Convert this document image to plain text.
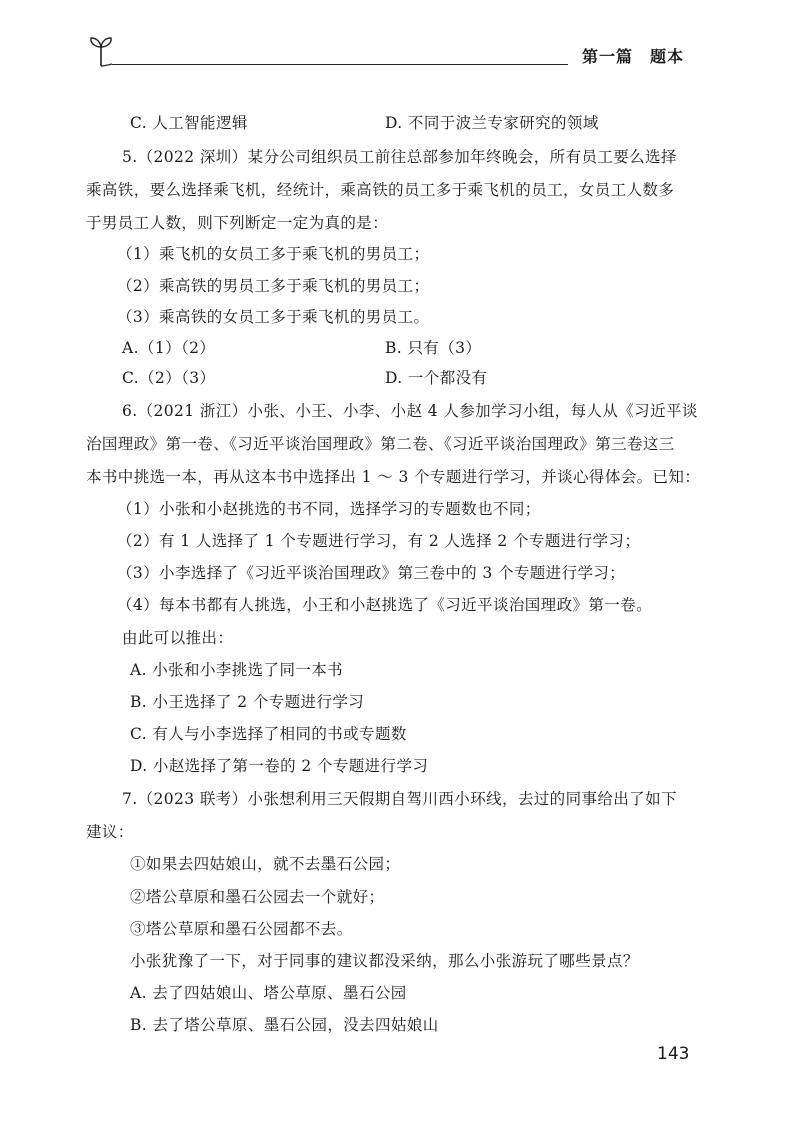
第一篇　题本
C. 人工智能逻辑	D. 不同于波兰专家研究的领域
5.（2022 深圳）某分公司组织员工前往总部参加年终晚会，所有员工要么选择
乘高铁，要么选择乘飞机，经统计，乘高铁的员工多于乘飞机的员工，女员工人数多
于男员工人数，则下列断定一定为真的是：
（1）乘飞机的女员工多于乘飞机的男员工；
（2）乘高铁的男员工多于乘飞机的男员工；
（3）乘高铁的女员工多于乘飞机的男员工。
A.（1）（2）	B. 只有（3）
C.（2）（3）	D. 一个都没有
6.（2021 浙江）小张、小王、小李、小赵 4 人参加学习小组，每人从《习近平谈
治国理政》第一卷、《习近平谈治国理政》第二卷、《习近平谈治国理政》第三卷这三
本书中挑选一本，再从这本书中选择出 1 ～ 3 个专题进行学习，并谈心得体会。已知：
（1）小张和小赵挑选的书不同，选择学习的专题数也不同；
（2）有 1 人选择了 1 个专题进行学习，有 2 人选择 2 个专题进行学习；
（3）小李选择了《习近平谈治国理政》第三卷中的 3 个专题进行学习；
（4）每本书都有人挑选，小王和小赵挑选了《习近平谈治国理政》第一卷。
由此可以推出：
A. 小张和小李挑选了同一本书
B. 小王选择了 2 个专题进行学习
C. 有人与小李选择了相同的书或专题数
D. 小赵选择了第一卷的 2 个专题进行学习
7.（2023 联考）小张想利用三天假期自驾川西小环线，去过的同事给出了如下
建议：
①如果去四姑娘山，就不去墨石公园；
②塔公草原和墨石公园去一个就好；
③塔公草原和墨石公园都不去。
小张犹豫了一下，对于同事的建议都没采纳，那么小张游玩了哪些景点？
A. 去了四姑娘山、塔公草原、墨石公园
B. 去了塔公草原、墨石公园，没去四姑娘山
143
